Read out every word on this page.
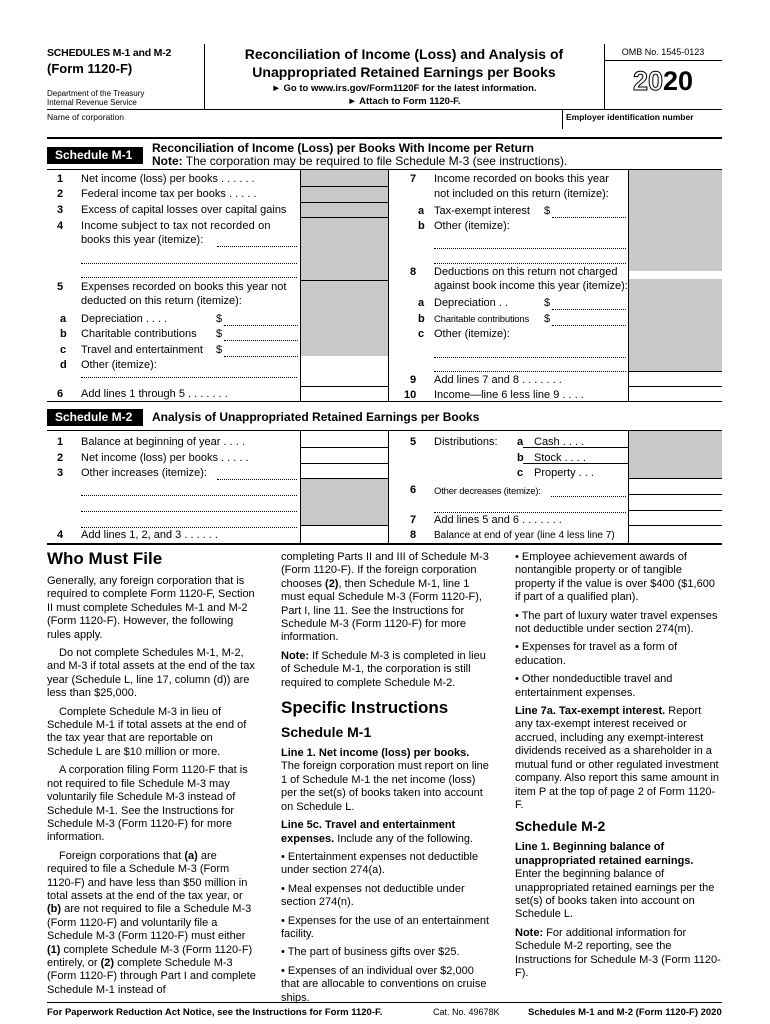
SCHEDULES M-1 and M-2
(Form 1120-F)
Department of the Treasury
Internal Revenue Service
Reconciliation of Income (Loss) and Analysis of
Unappropriated Retained Earnings per Books
► Go to www.irs.gov/Form1120F for the latest information.
► Attach to Form 1120-F.
OMB No. 1545-0123
2020
Name of corporation	Employer identification number
Schedule M-1	Reconciliation of Income (Loss) per Books With Income per Return
Note: The corporation may be required to file Schedule M-3 (see instructions).
1 Net income (loss) per books . . . . . .
2 Federal income tax per books . . . . .
3 Excess of capital losses over capital gains
4 Income subject to tax not recorded on
books this year (itemize):
5 Expenses recorded on books this year not
deducted on this return (itemize):
a Depreciation . . . .	$
b Charitable contributions $
c Travel and entertainment $
d Other (itemize):
6 Add lines 1 through 5 . . . . . . .
7 Income recorded on books this year
not included on this return (itemize):
a Tax-exempt interest $
b Other (itemize):
8 Deductions on this return not charged
against book income this year (itemize):
a Depreciation . .	$
b Charitable contributions $
c Other (itemize):
9 Add lines 7 and 8 . . . . . . .
10 Income—line 6 less line 9 . . . .
Schedule M-2	Analysis of Unappropriated Retained Earnings per Books
1 Balance at beginning of year . . . .
2 Net income (loss) per books . . . . .
3 Other increases (itemize):
4 Add lines 1, 2, and 3 . . . . . .
5 Distributions: a Cash . . . .
b Stock . . . .
c Property . . .
6 Other decreases (itemize):
7 Add lines 5 and 6 . . . . . . .
8 Balance at end of year (line 4 less line 7)
Who Must File

Generally, any foreign corporation that is required to complete Form 1120-F, Section II must complete Schedules M-1 and M-2 (Form 1120-F). However, the following rules apply.

Do not complete Schedules M-1, M-2, and M-3 if total assets at the end of the tax year (Schedule L, line 17, column (d)) are less than $25,000.

Complete Schedule M-3 in lieu of Schedule M-1 if total assets at the end of the tax year that are reportable on Schedule L are $10 million or more.

A corporation filing Form 1120-F that is not required to file Schedule M-3 may voluntarily file Schedule M-3 instead of Schedule M-1. See the Instructions for Schedule M-3 (Form 1120-F) for more information.

Foreign corporations that (a) are required to file a Schedule M-3 (Form 1120-F) and have less than $50 million in total assets at the end of the tax year, or (b) are not required to file a Schedule M-3 (Form 1120-F) and voluntarily file a Schedule M-3 (Form 1120-F) must either (1) complete Schedule M-3 (Form 1120-F) entirely, or (2) complete Schedule M-3 (Form 1120-F) through Part I and complete Schedule M-1 instead of

completing Parts II and III of Schedule M-3 (Form 1120-F). If the foreign corporation chooses (2), then Schedule M-1, line 1 must equal Schedule M-3 (Form 1120-F), Part I, line 11. See the Instructions for Schedule M-3 (Form 1120-F) for more information.

Note: If Schedule M-3 is completed in lieu of Schedule M-1, the corporation is still required to complete Schedule M-2.

Specific Instructions
Schedule M-1

Line 1. Net income (loss) per books. The foreign corporation must report on line 1 of Schedule M-1 the net income (loss) per the set(s) of books taken into account on Schedule L.

Line 5c. Travel and entertainment expenses. Include any of the following.

• Entertainment expenses not deductible under section 274(a).

• Meal expenses not deductible under section 274(n).

• Expenses for the use of an entertainment facility.

• The part of business gifts over $25.

• Expenses of an individual over $2,000 that are allocable to conventions on cruise ships.

• Employee achievement awards of nontangible property or of tangible property if the value is over $400 ($1,600 if part of a qualified plan).

• The part of luxury water travel expenses not deductible under section 274(m).

• Expenses for travel as a form of education.

• Other nondeductible travel and entertainment expenses.

Line 7a. Tax-exempt interest. Report any tax-exempt interest received or accrued, including any exempt-interest dividends received as a shareholder in a mutual fund or other regulated investment company. Also report this same amount in item P at the top of page 2 of Form 1120-F.

Schedule M-2

Line 1. Beginning balance of unappropriated retained earnings. Enter the beginning balance of unappropriated retained earnings per the set(s) of books taken into account on Schedule L.

Note: For additional information for Schedule M-2 reporting, see the Instructions for Schedule M-3 (Form 1120-F).

For Paperwork Reduction Act Notice, see the Instructions for Form 1120-F.	Cat. No. 49678K	Schedules M-1 and M-2 (Form 1120-F) 2020
